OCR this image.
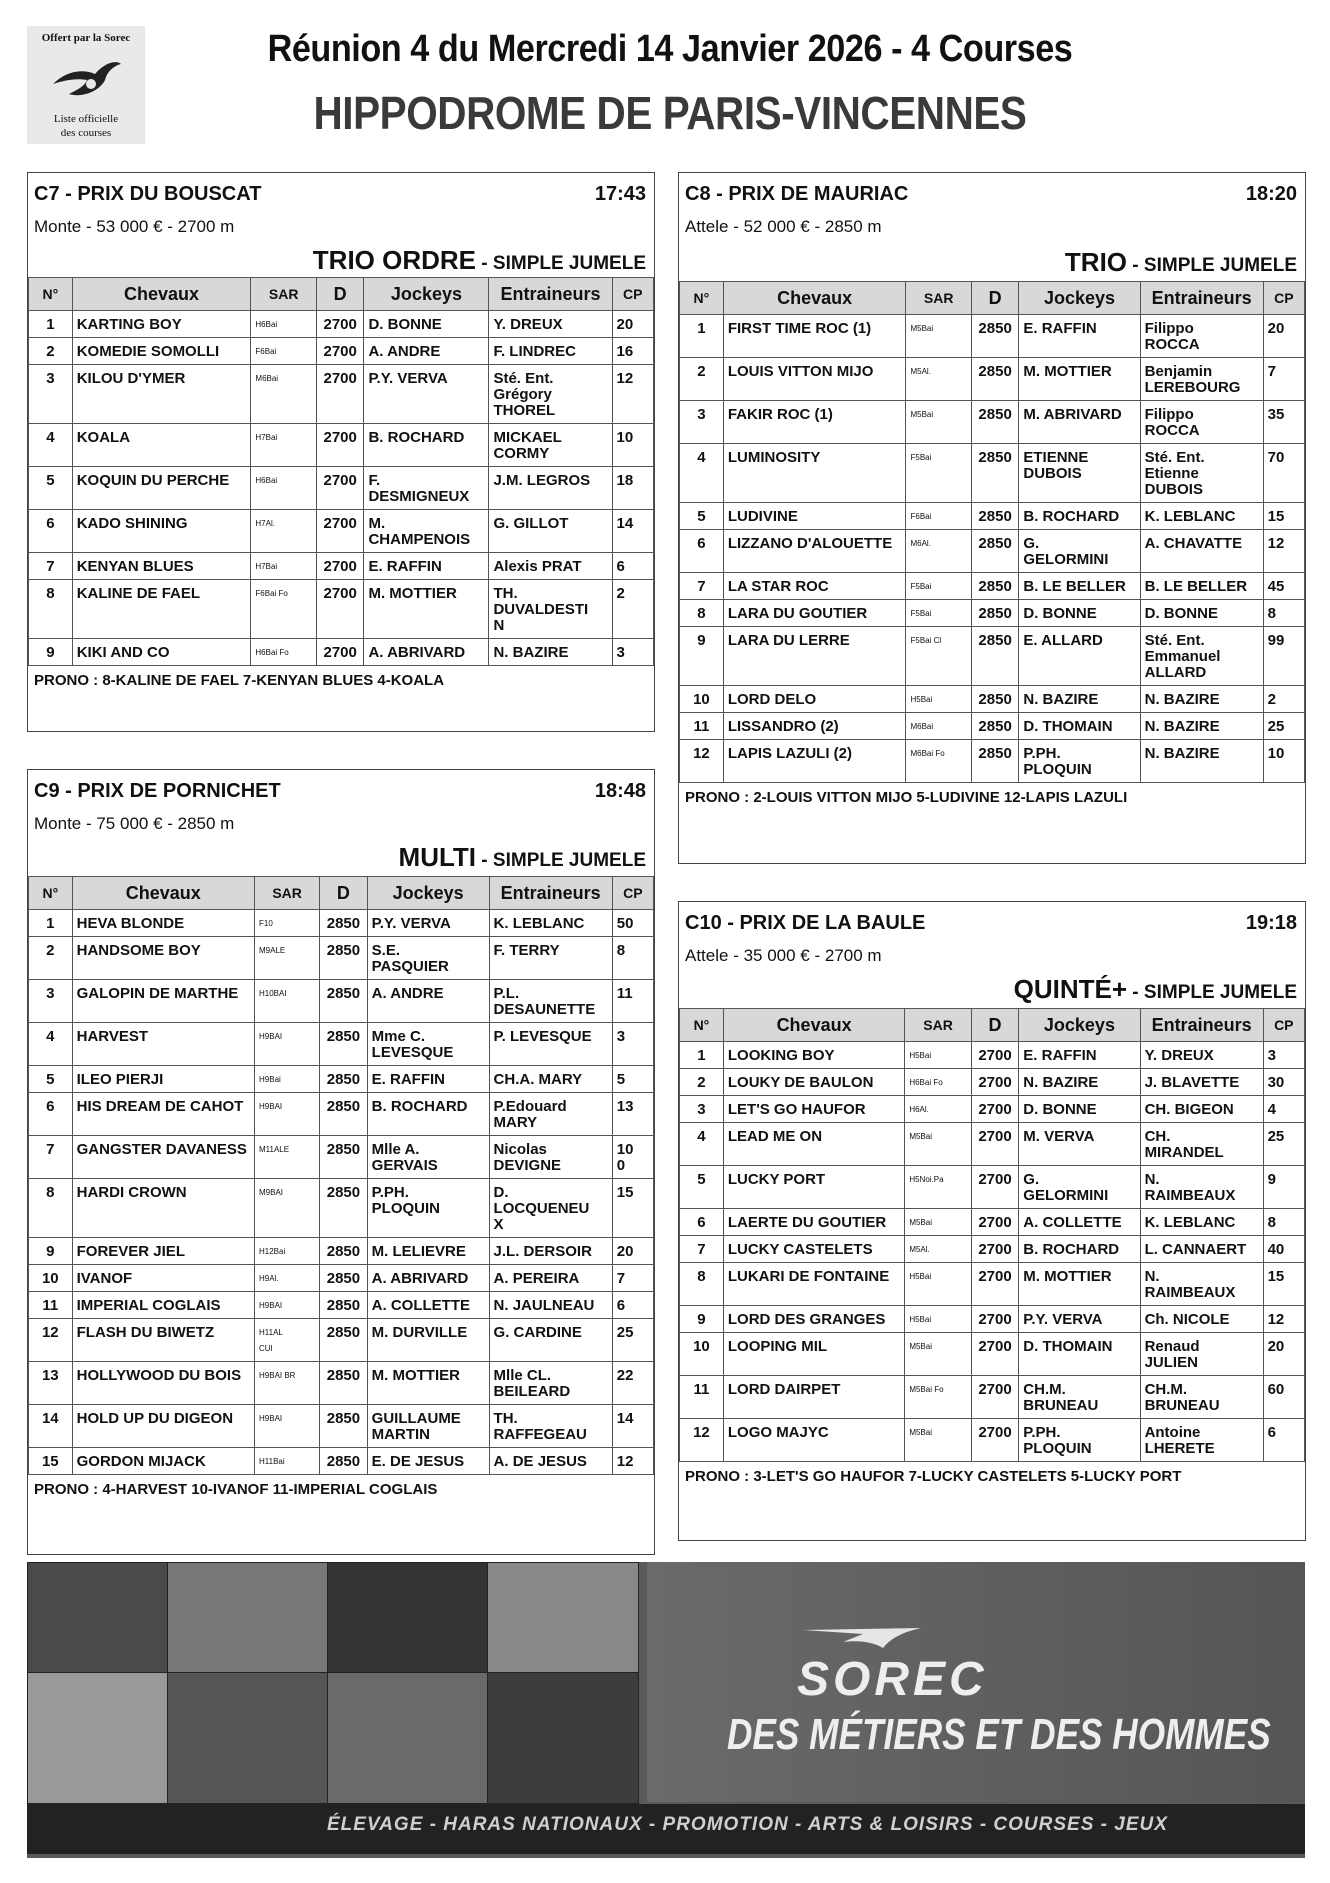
Offert par la Sorec
Liste officielle
des courses
Réunion 4 du Mercredi 14 Janvier 2026 - 4 Courses
HIPPODROME DE PARIS-VINCENNES
C7 - PRIX DU BOUSCAT	17:43
Monte - 53 000 € - 2700 m
TRIO ORDRE - SIMPLE JUMELE
N°	Chevaux	SAR	D	Jockeys	Entraineurs	CP
1	KARTING BOY	H6Bai	2700	D. BONNE	Y. DREUX	20
2	KOMEDIE SOMOLLI	F6Bai	2700	A. ANDRE	F. LINDREC	16
3	KILOU D'YMER	M6Bai	2700	P.Y. VERVA	Sté. Ent.
Grégory
THOREL	12
4	KOALA	H7Bai	2700	B. ROCHARD	MICKAEL
CORMY	10
5	KOQUIN DU PERCHE	H6Bai	2700	F.
DESMIGNEUX	J.M. LEGROS	18
6	KADO SHINING	H7Al.	2700	M.
CHAMPENOIS	G. GILLOT	14
7	KENYAN BLUES	H7Bai	2700	E. RAFFIN	Alexis PRAT	6
8	KALINE DE FAEL	F6Bai Fo	2700	M. MOTTIER	TH.
DUVALDESTI
N	2
9	KIKI AND CO	H6Bai Fo	2700	A. ABRIVARD	N. BAZIRE	3
PRONO : 8-KALINE DE FAEL 7-KENYAN BLUES 4-KOALA
C8 - PRIX DE MAURIAC	18:20
Attele - 52 000 € - 2850 m
TRIO - SIMPLE JUMELE
N°	Chevaux	SAR	D	Jockeys	Entraineurs	CP
1	FIRST TIME ROC (1)	M5Bai	2850	E. RAFFIN	Filippo
ROCCA	20
2	LOUIS VITTON MIJO	M5Al.	2850	M. MOTTIER	Benjamin
LEREBOURG	7
3	FAKIR ROC (1)	M5Bai	2850	M. ABRIVARD	Filippo
ROCCA	35
4	LUMINOSITY	F5Bai	2850	ETIENNE
DUBOIS	Sté. Ent.
Etienne
DUBOIS	70
5	LUDIVINE	F6Bai	2850	B. ROCHARD	K. LEBLANC	15
6	LIZZANO D'ALOUETTE	M6Al.	2850	G.
GELORMINI	A. CHAVATTE	12
7	LA STAR ROC	F5Bai	2850	B. LE BELLER	B. LE BELLER	45
8	LARA DU GOUTIER	F5Bai	2850	D. BONNE	D. BONNE	8
9	LARA DU LERRE	F5Bai Cl	2850	E. ALLARD	Sté. Ent.
Emmanuel
ALLARD	99
10	LORD DELO	H5Bai	2850	N. BAZIRE	N. BAZIRE	2
11	LISSANDRO (2)	M6Bai	2850	D. THOMAIN	N. BAZIRE	25
12	LAPIS LAZULI (2)	M6Bai Fo	2850	P.PH.
PLOQUIN	N. BAZIRE	10
PRONO : 2-LOUIS VITTON MIJO 5-LUDIVINE 12-LAPIS LAZULI
C9 - PRIX DE PORNICHET	18:48
Monte - 75 000 € - 2850 m
MULTI - SIMPLE JUMELE
N°	Chevaux	SAR	D	Jockeys	Entraineurs	CP
1	HEVA BLONDE	F10	2850	P.Y. VERVA	K. LEBLANC	50
2	HANDSOME BOY	M9ALE	2850	S.E.
PASQUIER	F. TERRY	8
3	GALOPIN DE MARTHE	H10BAI	2850	A. ANDRE	P.L.
DESAUNETTE	11
4	HARVEST	H9BAI	2850	Mme C.
LEVESQUE	P. LEVESQUE	3
5	ILEO PIERJI	H9Bai	2850	E. RAFFIN	CH.A. MARY	5
6	HIS DREAM DE CAHOT	H9BAI	2850	B. ROCHARD	P.Edouard
MARY	13
7	GANGSTER DAVANESS	M11ALE	2850	Mlle A.
GERVAIS	Nicolas
DEVIGNE	10
0
8	HARDI CROWN	M9BAI	2850	P.PH.
PLOQUIN	D.
LOCQUENEU
X	15
9	FOREVER JIEL	H12Bai	2850	M. LELIEVRE	J.L. DERSOIR	20
10	IVANOF	H9Al.	2850	A. ABRIVARD	A. PEREIRA	7
11	IMPERIAL COGLAIS	H9BAI	2850	A. COLLETTE	N. JAULNEAU	6
12	FLASH DU BIWETZ	H11AL
CUI	2850	M. DURVILLE	G. CARDINE	25
13	HOLLYWOOD DU BOIS	H9BAI BR	2850	M. MOTTIER	Mlle CL.
BEILEARD	22
14	HOLD UP DU DIGEON	H9BAI	2850	GUILLAUME
MARTIN	TH.
RAFFEGEAU	14
15	GORDON MIJACK	H11Bai	2850	E. DE JESUS	A. DE JESUS	12
PRONO : 4-HARVEST 10-IVANOF 11-IMPERIAL COGLAIS
C10 - PRIX DE LA BAULE	19:18
Attele - 35 000 € - 2700 m
QUINTÉ+ - SIMPLE JUMELE
N°	Chevaux	SAR	D	Jockeys	Entraineurs	CP
1	LOOKING BOY	H5Bai	2700	E. RAFFIN	Y. DREUX	3
2	LOUKY DE BAULON	H6Bai Fo	2700	N. BAZIRE	J. BLAVETTE	30
3	LET'S GO HAUFOR	H6Al.	2700	D. BONNE	CH. BIGEON	4
4	LEAD ME ON	M5Bai	2700	M. VERVA	CH.
MIRANDEL	25
5	LUCKY PORT	H5Noi.Pa	2700	G.
GELORMINI	N.
RAIMBEAUX	9
6	LAERTE DU GOUTIER	M5Bai	2700	A. COLLETTE	K. LEBLANC	8
7	LUCKY CASTELETS	M5Al.	2700	B. ROCHARD	L. CANNAERT	40
8	LUKARI DE FONTAINE	H5Bai	2700	M. MOTTIER	N.
RAIMBEAUX	15
9	LORD DES GRANGES	H5Bai	2700	P.Y. VERVA	Ch. NICOLE	12
10	LOOPING MIL	M5Bai	2700	D. THOMAIN	Renaud
JULIEN	20
11	LORD DAIRPET	M5Bai Fo	2700	CH.M.
BRUNEAU	CH.M.
BRUNEAU	60
12	LOGO MAJYC	M5Bai	2700	P.PH.
PLOQUIN	Antoine
LHERETE	6
PRONO : 3-LET'S GO HAUFOR 7-LUCKY CASTELETS 5-LUCKY PORT
SOREC
DES MÉTIERS ET DES HOMMES
ÉLEVAGE - HARAS NATIONAUX - PROMOTION - ARTS & LOISIRS - COURSES - JEUX
